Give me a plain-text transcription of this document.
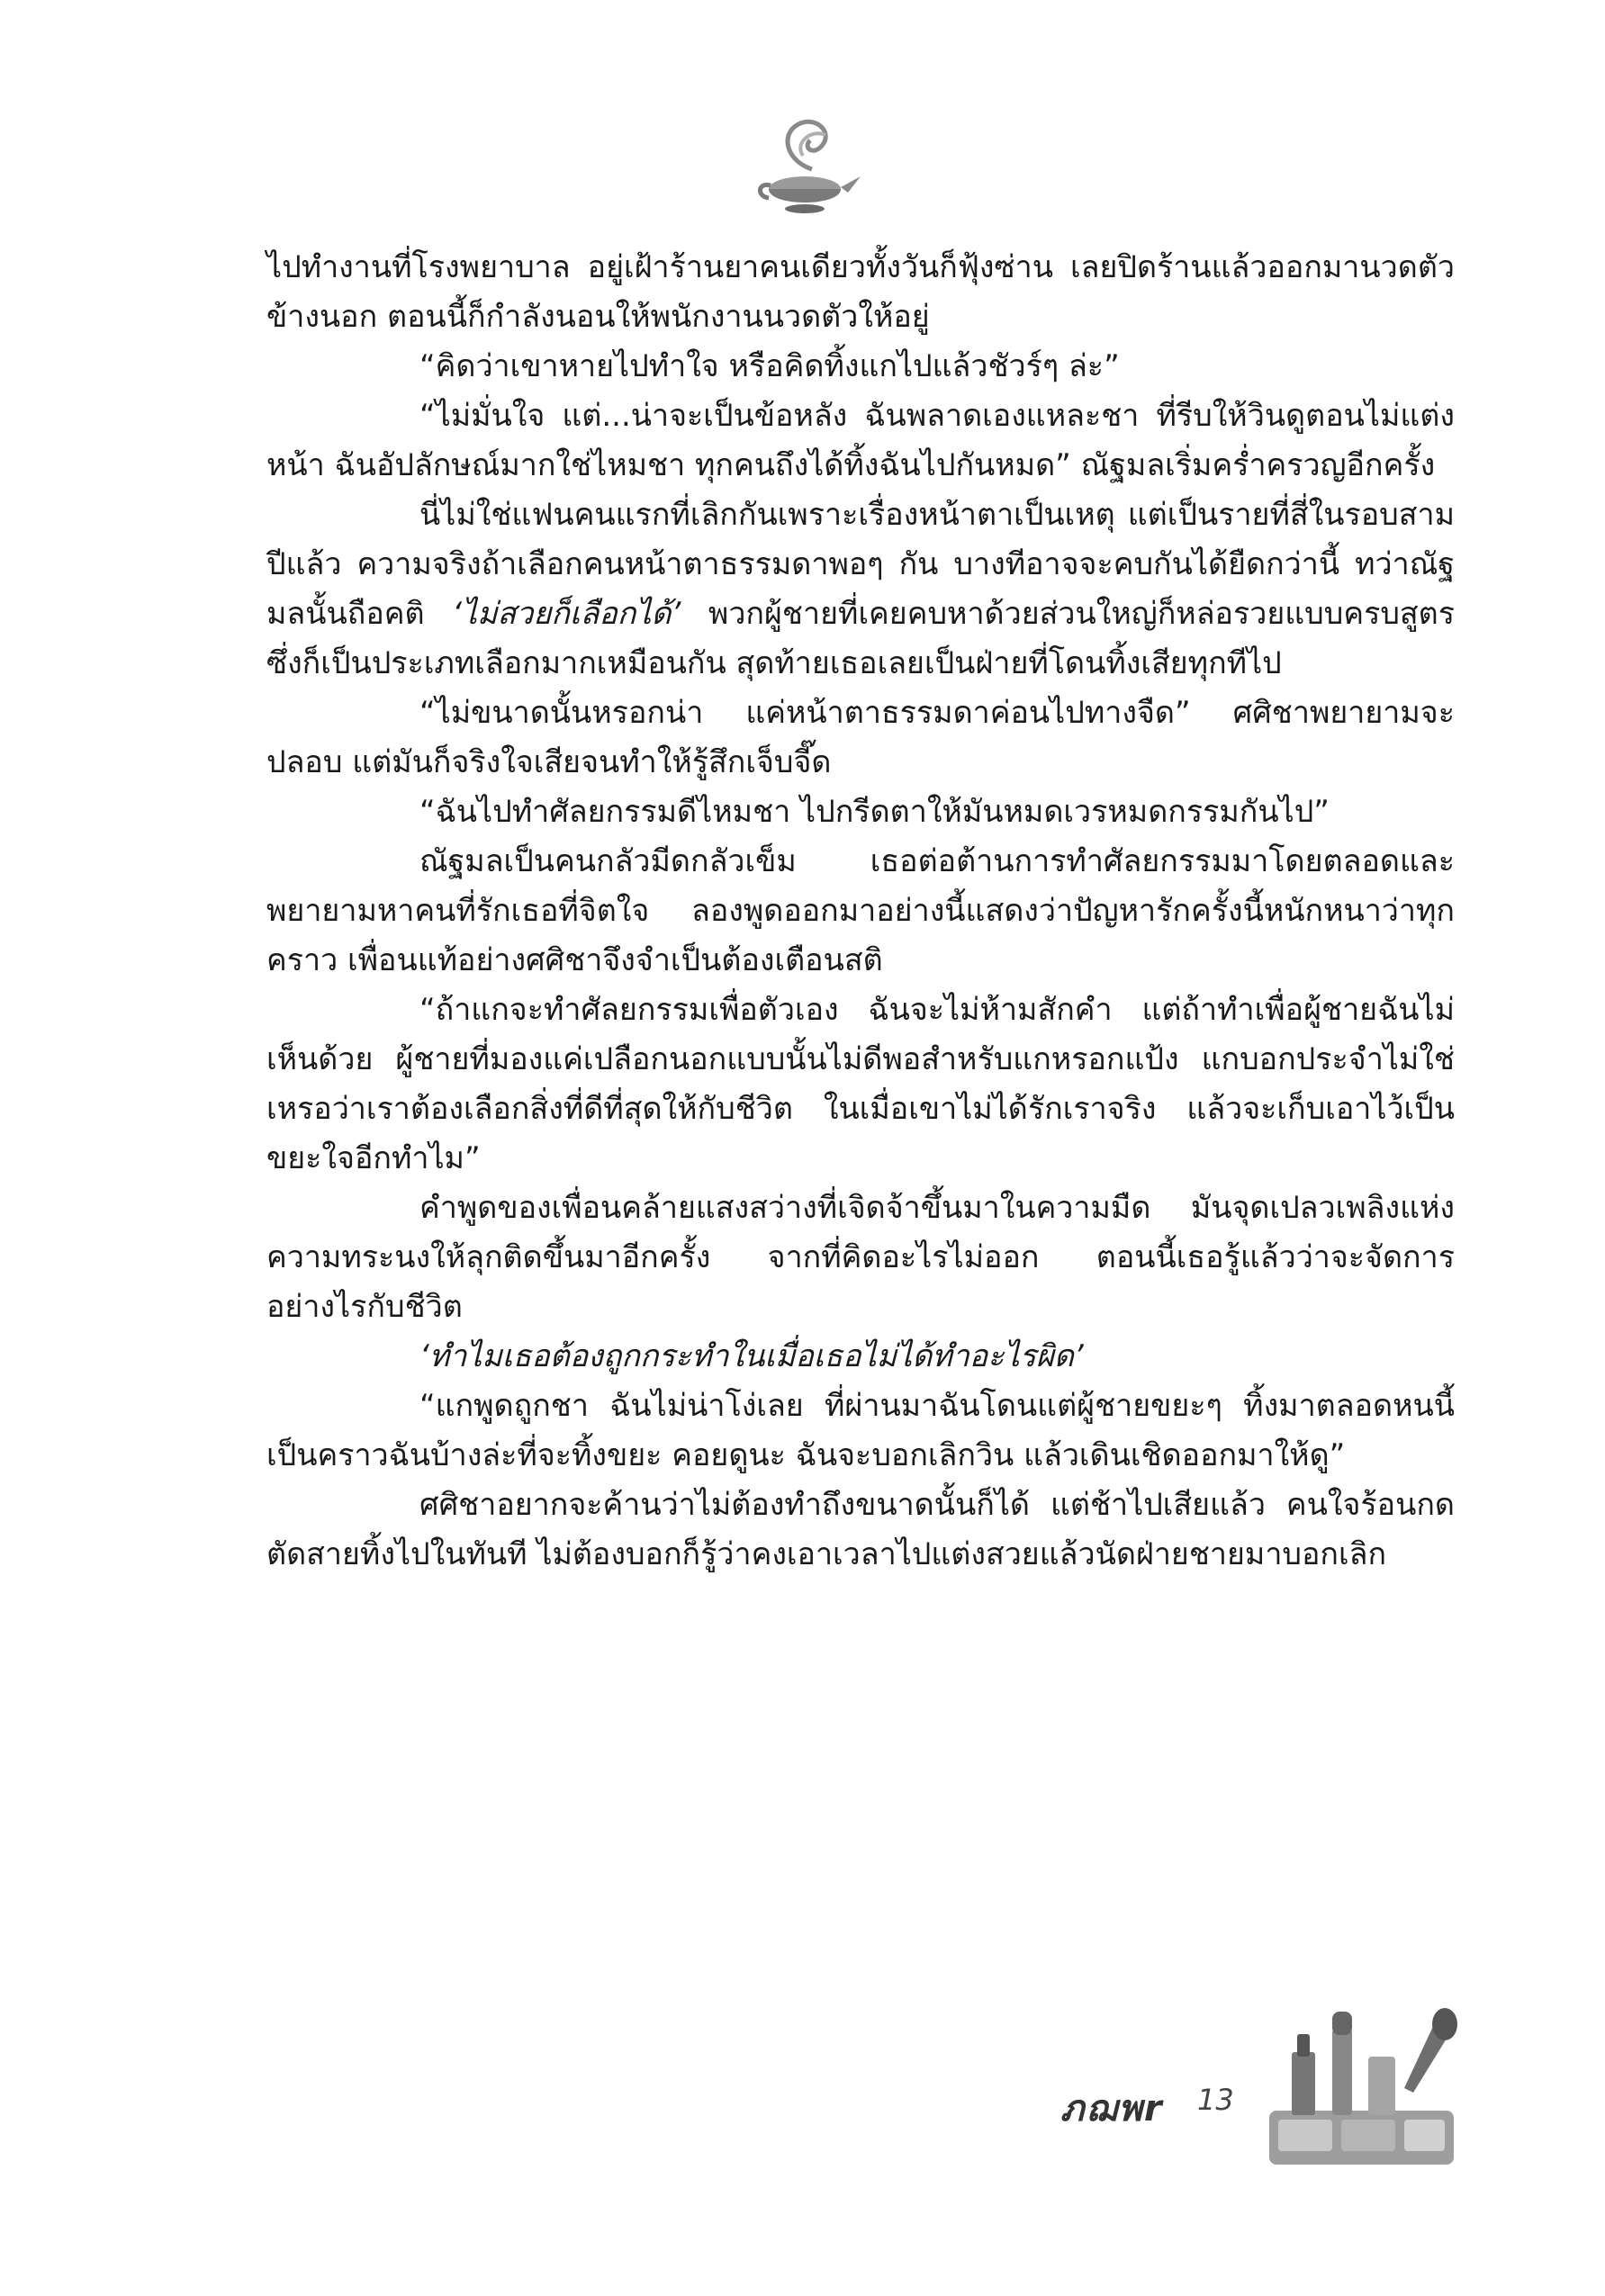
ไปทำงานที่โรงพยาบาล อยู่เฝ้าร้านยาคนเดียวทั้งวันก็ฟุ้งซ่าน เลยปิดร้านแล้วออกมานวดตัวข้างนอก ตอนนี้ก็กำลังนอนให้พนักงานนวดตัวให้อยู่

“คิดว่าเขาหายไปทำใจ หรือคิดทิ้งแกไปแล้วชัวร์ๆ ล่ะ”

“ไม่มั่นใจ แต่...น่าจะเป็นข้อหลัง ฉันพลาดเองแหละชา ที่รีบให้วินดูตอนไม่แต่งหน้า ฉันอัปลักษณ์มากใช่ไหมชา ทุกคนถึงได้ทิ้งฉันไปกันหมด” ณัฐมลเริ่มคร่ำครวญอีกครั้ง

นี่ไม่ใช่แฟนคนแรกที่เลิกกันเพราะเรื่องหน้าตาเป็นเหตุ แต่เป็นรายที่สี่ในรอบสามปีแล้ว ความจริงถ้าเลือกคนหน้าตาธรรมดาพอๆ กัน บางทีอาจจะคบกันได้ยืดกว่านี้ ทว่าณัฐมลนั้นถือคติ ‘ไม่สวยก็เลือกได้’ พวกผู้ชายที่เคยคบหาด้วยส่วนใหญ่ก็หล่อรวยแบบครบสูตร ซึ่งก็เป็นประเภทเลือกมากเหมือนกัน สุดท้ายเธอเลยเป็นฝ่ายที่โดนทิ้งเสียทุกทีไป

“ไม่ขนาดนั้นหรอกน่า แค่หน้าตาธรรมดาค่อนไปทางจืด” ศศิชาพยายามจะปลอบ แต่มันก็จริงใจเสียจนทำให้รู้สึกเจ็บจี๊ด

“ฉันไปทำศัลยกรรมดีไหมชา ไปกรีดตาให้มันหมดเวรหมดกรรมกันไป”

ณัฐมลเป็นคนกลัวมีดกลัวเข็ม เธอต่อต้านการทำศัลยกรรมมาโดยตลอดและพยายามหาคนที่รักเธอที่จิตใจ ลองพูดออกมาอย่างนี้แสดงว่าปัญหารักครั้งนี้หนักหนาว่าทุกคราว เพื่อนแท้อย่างศศิชาจึงจำเป็นต้องเตือนสติ

“ถ้าแกจะทำศัลยกรรมเพื่อตัวเอง ฉันจะไม่ห้ามสักคำ แต่ถ้าทำเพื่อผู้ชายฉันไม่เห็นด้วย ผู้ชายที่มองแค่เปลือกนอกแบบนั้นไม่ดีพอสำหรับแกหรอกแป้ง แกบอกประจำไม่ใช่เหรอว่าเราต้องเลือกสิ่งที่ดีที่สุดให้กับชีวิต ในเมื่อเขาไม่ได้รักเราจริง แล้วจะเก็บเอาไว้เป็นขยะใจอีกทำไม”

คำพูดของเพื่อนคล้ายแสงสว่างที่เจิดจ้าขึ้นมาในความมืด มันจุดเปลวเพลิงแห่งความทระนงให้ลุกติดขึ้นมาอีกครั้ง จากที่คิดอะไรไม่ออก ตอนนี้เธอรู้แล้วว่าจะจัดการอย่างไรกับชีวิต

‘ทำไมเธอต้องถูกกระทำในเมื่อเธอไม่ได้ทำอะไรผิด’

“แกพูดถูกชา ฉันไม่น่าโง่เลย ที่ผ่านมาฉันโดนแต่ผู้ชายขยะๆ ทิ้งมาตลอดหนนี้เป็นคราวฉันบ้างล่ะที่จะทิ้งขยะ คอยดูนะ ฉันจะบอกเลิกวิน แล้วเดินเชิดออกมาให้ดู”

ศศิชาอยากจะค้านว่าไม่ต้องทำถึงขนาดนั้นก็ได้ แต่ช้าไปเสียแล้ว คนใจร้อนกดตัดสายทิ้งไปในทันที ไม่ต้องบอกก็รู้ว่าคงเอาเวลาไปแต่งสวยแล้วนัดฝ่ายชายมาบอกเลิก

ภฌพr 13
